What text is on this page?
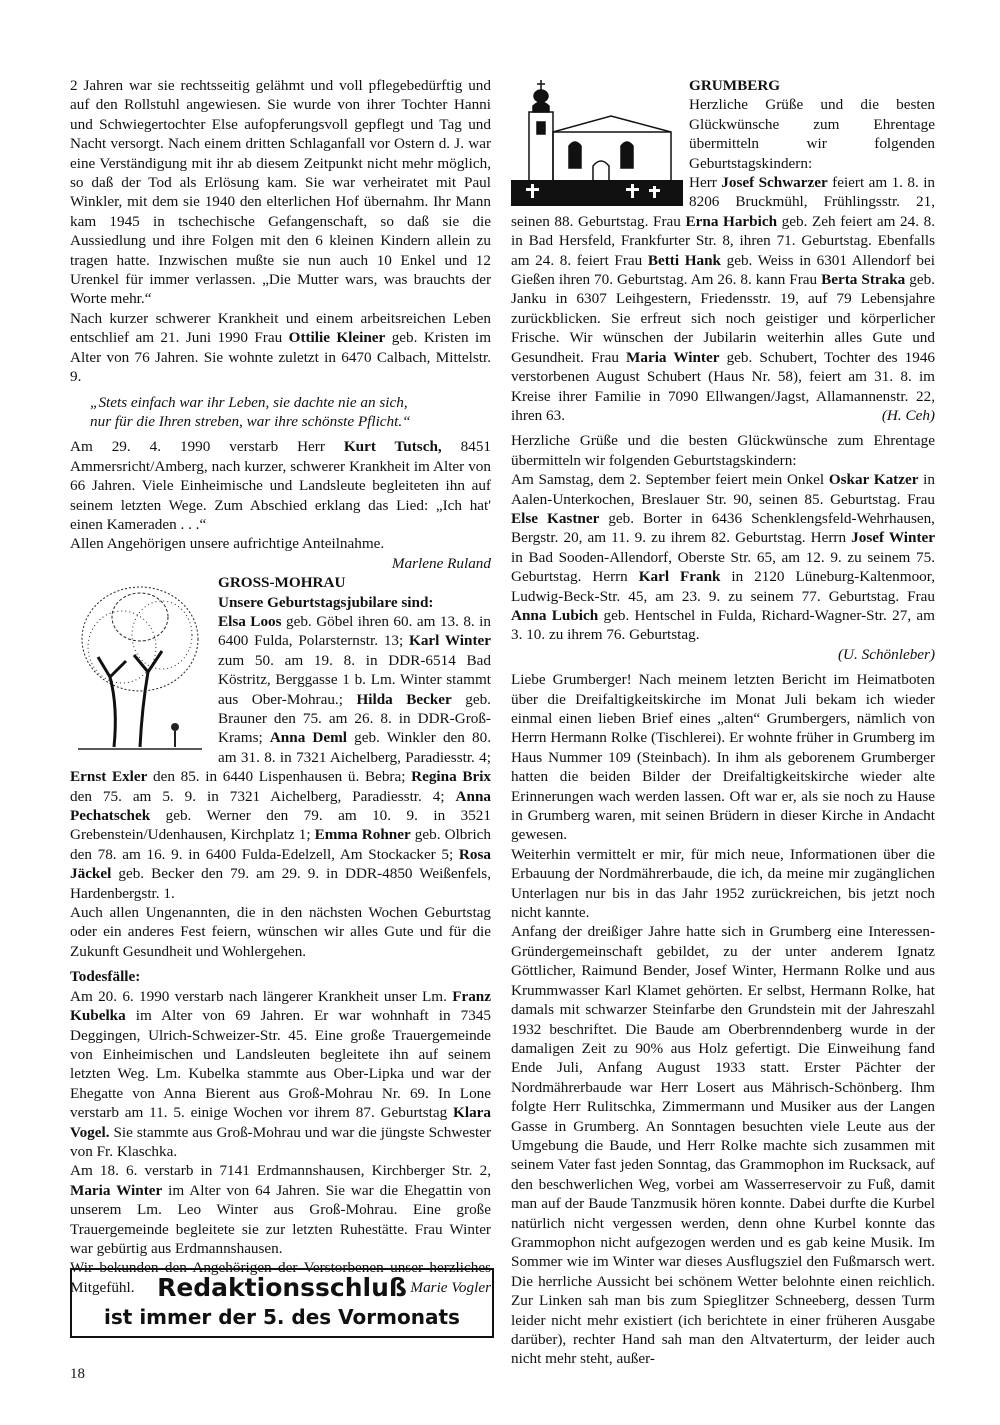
2 Jahren war sie rechtsseitig gelähmt und voll pflegebedürftig und auf den Rollstuhl angewiesen. Sie wurde von ihrer Tochter Hanni und Schwiegertochter Else aufopferungsvoll gepflegt und Tag und Nacht versorgt. Nach einem dritten Schlaganfall vor Ostern d. J. war eine Verständigung mit ihr ab diesem Zeitpunkt nicht mehr möglich, so daß der Tod als Erlösung kam. Sie war verheiratet mit Paul Winkler, mit dem sie 1940 den elterlichen Hof übernahm. Ihr Mann kam 1945 in tschechische Gefangenschaft, so daß sie die Aussiedlung und ihre Folgen mit den 6 kleinen Kindern allein zu tragen hatte. Inzwischen mußte sie nun auch 10 Enkel und 12 Urenkel für immer verlassen. „Die Mutter wars, was brauchts der Worte mehr.“

Nach kurzer schwerer Krankheit und einem arbeitsreichen Leben entschlief am 21. Juni 1990 Frau Ottilie Kleiner geb. Kristen im Alter von 76 Jahren. Sie wohnte zuletzt in 6470 Calbach, Mittelstr. 9.

„Stets einfach war ihr Leben, sie dachte nie an sich,
nur für die Ihren streben, war ihre schönste Pflicht.“

Am 29. 4. 1990 verstarb Herr Kurt Tutsch, 8451 Ammersricht/Amberg, nach kurzer, schwerer Krankheit im Alter von 66 Jahren. Viele Einheimische und Landsleute begleiteten ihn auf seinem letzten Wege. Zum Abschied erklang das Lied: „Ich hat' einen Kameraden . . .“

Allen Angehörigen unsere aufrichtige Anteilnahme.

Marlene Ruland

GROSS-MOHRAU

Unsere Geburtstagsjubilare sind:

Elsa Loos geb. Göbel ihren 60. am 13. 8. in 6400 Fulda, Polarsternstr. 13; Karl Winter zum 50. am 19. 8. in DDR-6514 Bad Köstritz, Berggasse 1 b. Lm. Winter stammt aus Ober-Mohrau.; Hilda Becker geb. Brauner den 75. am 26. 8. in DDR-Groß-Krams; Anna Deml geb. Winkler den 80. am 31. 8. in 7321 Aichelberg, Paradiesstr. 4; Ernst Exler den 85. in 6440 Lispenhausen ü. Bebra; Regina Brix den 75. am 5. 9. in 7321 Aichelberg, Paradiesstr. 4; Anna Pechatschek geb. Werner den 79. am 10. 9. in 3521 Grebenstein/Udenhausen, Kirchplatz 1; Emma Rohner geb. Olbrich den 78. am 16. 9. in 6400 Fulda-Edelzell, Am Stockacker 5; Rosa Jäckel geb. Becker den 79. am 29. 9. in DDR-4850 Weißenfels, Hardenbergstr. 1.

Auch allen Ungenannten, die in den nächsten Wochen Geburtstag oder ein anderes Fest feiern, wünschen wir alles Gute und für die Zukunft Gesundheit und Wohlergehen.

Todesfälle:

Am 20. 6. 1990 verstarb nach längerer Krankheit unser Lm. Franz Kubelka im Alter von 69 Jahren. Er war wohnhaft in 7345 Deggingen, Ulrich-Schweizer-Str. 45. Eine große Trauergemeinde von Einheimischen und Landsleuten begleitete ihn auf seinem letzten Weg. Lm. Kubelka stammte aus Ober-Lipka und war der Ehegatte von Anna Bierent aus Groß-Mohrau Nr. 69. In Lone verstarb am 11. 5. einige Wochen vor ihrem 87. Geburtstag Klara Vogel. Sie stammte aus Groß-Mohrau und war die jüngste Schwester von Fr. Klaschka.

Am 18. 6. verstarb in 7141 Erdmannshausen, Kirchberger Str. 2, Maria Winter im Alter von 64 Jahren. Sie war die Ehegattin von unserem Lm. Leo Winter aus Groß-Mohrau. Eine große Trauergemeinde begleitete sie zur letzten Ruhestätte. Frau Winter war gebürtig aus Erdmannshausen.

Wir bekunden den Angehörigen der Verstorbenen unser herzliches Mitgefühl.	Marie Vogler

Redaktionsschluß
ist immer der 5. des Vormonats
18

GRUMBERG

Herzliche Grüße und die besten Glückwünsche zum Ehrentage übermitteln wir folgenden Geburtstagskindern:

Herr Josef Schwarzer feiert am 1. 8. in 8206 Bruckmühl, Frühlingsstr. 21, seinen 88. Geburtstag. Frau Erna Harbich geb. Zeh feiert am 24. 8. in Bad Hersfeld, Frankfurter Str. 8, ihren 71. Geburtstag. Ebenfalls am 24. 8. feiert Frau Betti Hank geb. Weiss in 6301 Allendorf bei Gießen ihren 70. Geburtstag. Am 26. 8. kann Frau Berta Straka geb. Janku in 6307 Leihgestern, Friedensstr. 19, auf 79 Lebensjahre zurückblicken. Sie erfreut sich noch geistiger und körperlicher Frische. Wir wünschen der Jubilarin weiterhin alles Gute und Gesundheit. Frau Maria Winter geb. Schubert, Tochter des 1946 verstorbenen August Schubert (Haus Nr. 58), feiert am 31. 8. im Kreise ihrer Familie in 7090 Ellwangen/Jagst, Allamannenstr. 22, ihren 63.	(H. Ceh)

Herzliche Grüße und die besten Glückwünsche zum Ehrentage übermitteln wir folgenden Geburtstagskindern:

Am Samstag, dem 2. September feiert mein Onkel Oskar Katzer in Aalen-Unterkochen, Breslauer Str. 90, seinen 85. Geburtstag. Frau Else Kastner geb. Borter in 6436 Schenklengsfeld-Wehrhausen, Bergstr. 20, am 11. 9. zu ihrem 82. Geburtstag. Herrn Josef Winter in Bad Sooden-Allendorf, Oberste Str. 65, am 12. 9. zu seinem 75. Geburtstag. Herrn Karl Frank in 2120 Lüneburg-Kaltenmoor, Ludwig-Beck-Str. 45, am 23. 9. zu seinem 77. Geburtstag. Frau Anna Lubich geb. Hentschel in Fulda, Richard-Wagner-Str. 27, am 3. 10. zu ihrem 76. Geburtstag.

(U. Schönleber)

Liebe Grumberger! Nach meinem letzten Bericht im Heimatboten über die Dreifaltigkeitskirche im Monat Juli bekam ich wieder einmal einen lieben Brief eines „alten“ Grumbergers, nämlich von Herrn Hermann Rolke (Tischlerei). Er wohnte früher in Grumberg im Haus Nummer 109 (Steinbach). In ihm als geborenem Grumberger hatten die beiden Bilder der Dreifaltigkeitskirche wieder alte Erinnerungen wach werden lassen. Oft war er, als sie noch zu Hause in Grumberg waren, mit seinen Brüdern in dieser Kirche in Andacht gewesen.

Weiterhin vermittelt er mir, für mich neue, Informationen über die Erbauung der Nordmährerbaude, die ich, da meine mir zugänglichen Unterlagen nur bis in das Jahr 1952 zurückreichen, bis jetzt noch nicht kannte.

Anfang der dreißiger Jahre hatte sich in Grumberg eine Interessen-Gründergemeinschaft gebildet, zu der unter anderem Ignatz Göttlicher, Raimund Bender, Josef Winter, Hermann Rolke und aus Krummwasser Karl Klamet gehörten. Er selbst, Hermann Rolke, hat damals mit schwarzer Steinfarbe den Grundstein mit der Jahreszahl 1932 beschriftet. Die Baude am Oberbrenndenberg wurde in der damaligen Zeit zu 90% aus Holz gefertigt. Die Einweihung fand Ende Juli, Anfang August 1933 statt. Erster Pächter der Nordmährerbaude war Herr Losert aus Mährisch-Schönberg. Ihm folgte Herr Rulitschka, Zimmermann und Musiker aus der Langen Gasse in Grumberg. An Sonntagen besuchten viele Leute aus der Umgebung die Baude, und Herr Rolke machte sich zusammen mit seinem Vater fast jeden Sonntag, das Grammophon im Rucksack, auf den beschwerlichen Weg, vorbei am Wasserreservoir zu Fuß, damit man auf der Baude Tanzmusik hören konnte. Dabei durfte die Kurbel natürlich nicht vergessen werden, denn ohne Kurbel konnte das Grammophon nicht aufgezogen werden und es gab keine Musik. Im Sommer wie im Winter war dieses Ausflugsziel den Fußmarsch wert. Die herrliche Aussicht bei schönem Wetter belohnte einen reichlich. Zur Linken sah man bis zum Spieglitzer Schneeberg, dessen Turm leider nicht mehr existiert (ich berichtete in einer früheren Ausgabe darüber), rechter Hand sah man den Altvaterturm, der leider auch nicht mehr steht, außer-
